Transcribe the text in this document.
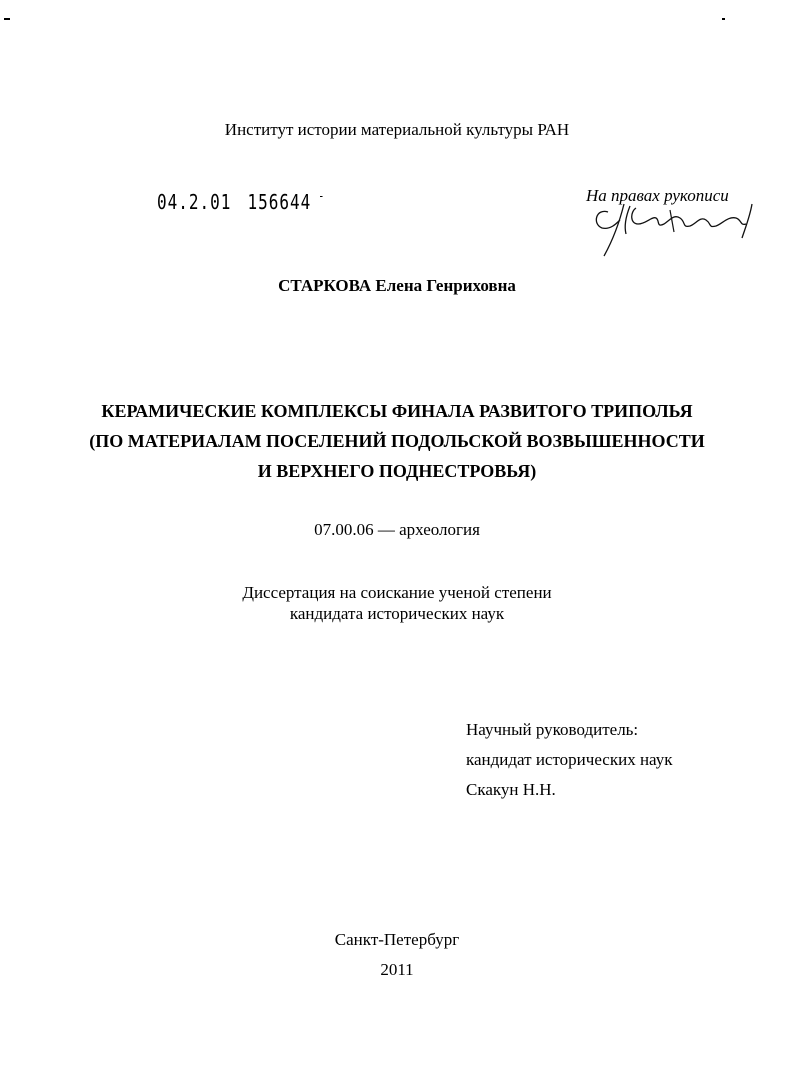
Институт истории материальной культуры РАН
04.2.01 156644 -	На правах рукописи
СТАРКОВА Елена Генриховна
КЕРАМИЧЕСКИЕ КОМПЛЕКСЫ ФИНАЛА РАЗВИТОГО ТРИПОЛЬЯ
(ПО МАТЕРИАЛАМ ПОСЕЛЕНИЙ ПОДОЛЬСКОЙ ВОЗВЫШЕННОСТИ
И ВЕРХНЕГО ПОДНЕСТРОВЬЯ)
07.00.06 — археология
Диссертация на соискание ученой степени
кандидата исторических наук
Научный руководитель:
кандидат исторических наук
Скакун Н.Н.
Санкт-Петербург
2011
